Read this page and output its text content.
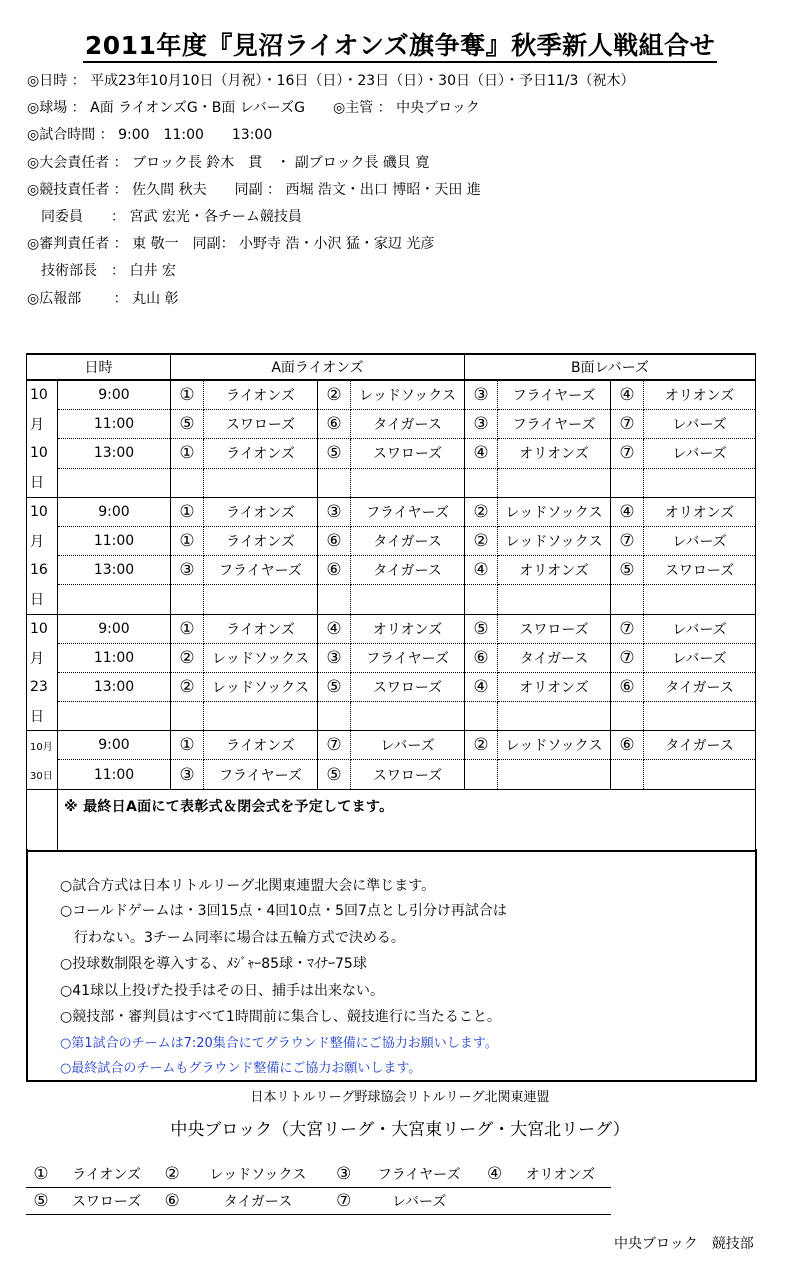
2011年度『見沼ライオンズ旗争奪』秋季新人戦組合せ
◎日時 ： 平成23年10月10日（月祝）・16日（日）・23日（日）・30日（日）・予日11/3（祝木）
◎球場 ： A面 ライオンズG・B面 レバーズG　　◎主管 ： 中央ブロック
◎試合時間 ： 9:00　11:00　　13:00
◎大会責任者 ： ブロック長 鈴木　貫　・ 副ブロック長 磯貝 寛
◎競技責任者 ： 佐久間 秋夫　　同副 ： 西堀 浩文・出口 博昭・天田 進
　同委員　　： 宮武 宏光・各チーム競技員
◎審判責任者 ： 東 敬一　同副： 小野寺 浩・小沢 猛・家辺 光彦
　技術部長　： 白井 宏
◎広報部　　 ： 丸山 彰
日時		A面ライオンズ				B面レバーズ			
10	9:00	①	ライオンズ	②	レッドソックス	③	フライヤーズ	④	オリオンズ
月	11:00	⑤	スワローズ	⑥	タイガース	③	フライヤーズ	⑦	レバーズ
10	13:00	①	ライオンズ	⑤	スワローズ	④	オリオンズ	⑦	レバーズ
日									
10	9:00	①	ライオンズ	③	フライヤーズ	②	レッドソックス	④	オリオンズ
月	11:00	①	ライオンズ	⑥	タイガース	②	レッドソックス	⑦	レバーズ
16	13:00	③	フライヤーズ	⑥	タイガース	④	オリオンズ	⑤	スワローズ
日									
10	9:00	①	ライオンズ	④	オリオンズ	⑤	スワローズ	⑦	レバーズ
月	11:00	②	レッドソックス	③	フライヤーズ	⑥	タイガース	⑦	レバーズ
23	13:00	②	レッドソックス	⑤	スワローズ	④	オリオンズ	⑥	タイガース
日									
10月	9:00	①	ライオンズ	⑦	レバーズ	②	レッドソックス	⑥	タイガース
30日	11:00	③	フライヤーズ	⑤	スワローズ				
	※ 最終日A面にて表彰式＆閉会式を予定してます。								
○試合方式は日本リトルリーグ北関東連盟大会に準じます。
○コールドゲームは・3回15点・4回10点・5回7点とし引分け再試合は
　行わない。3チーム同率に場合は五輪方式で決める。
○投球数制限を導入する、ﾒｼﾞｬｰ85球・ﾏｲﾅｰ75球
○41球以上投げた投手はその日、捕手は出来ない。
○競技部・審判員はすべて1時間前に集合し、競技進行に当たること。
○第1試合のチームは7:20集合にてグラウンド整備にご協力お願いします。
○最終試合のチームもグラウンド整備にご協力お願いします。
日本リトルリーグ野球協会リトルリーグ北関東連盟
中央ブロック（大宮リーグ・大宮東リーグ・大宮北リーグ）
①	ライオンズ	②	レッドソックス	③	フライヤーズ	④	オリオンズ
⑤	スワローズ	⑥	タイガース	⑦	レバーズ		
中央ブロック　競技部
